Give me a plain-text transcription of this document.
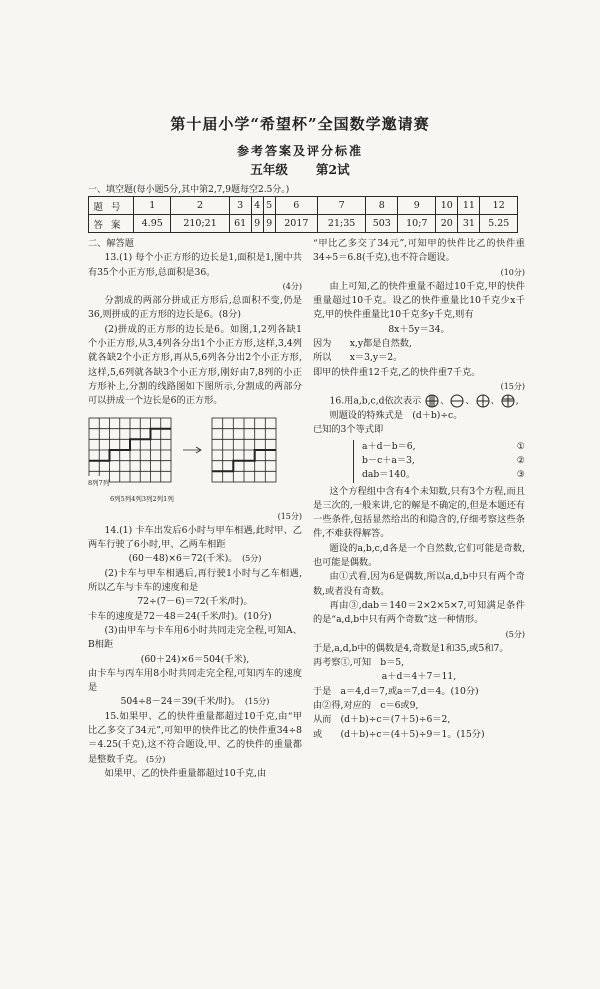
第十届小学“希望杯”全国数学邀请赛
参考答案及评分标准
五年级 第2试
一、填空题(每小题5分,其中第2,7,9题每空2.5分。)
题号	1	2	3	4	5	6	7	8	9	10	11	12
答案	4.95	210;21	61	9	9	2017	21;35	503	10;7	20	31	5.25

二、解答题

13.(1) 每个小正方形的边长是1,面积是1,图中共有35个小正方形,总面积是36。

(4分)

分割成的两部分拼成正方形后,总面积不变,仍是36,则拼成的正方形的边长是6。(8分)

(2)拼成的正方形的边长是6。如图,1,2列各缺1个小正方形,从3,4列各分出1个小正方形,这样,3,4列就各缺2个小正方形,再从5,6列各分出2个小正方形,这样,5,6列就各缺3个小正方形,刚好由7,8列的小正方形补上,分割的线路图如下图所示,分割成的两部分可以拼成一个边长是6的正方形。

8列7列
6列5列4列3列2列1列

(15分)

14.(1) 卡车出发后6小时与甲车相遇,此时甲、乙两车行驶了6小时,甲、乙两车相距

(60－48)×6＝72(千米)。　 (5分)

(2)卡车与甲车相遇后,再行驶1小时与乙车相遇,所以乙车与卡车的速度和是

72÷(7－6)＝72(千米/时)。

卡车的速度是72－48＝24(千米/时)。(10分)

(3)由甲车与卡车用6小时共同走完全程,可知A、B相距

(60＋24)×6＝504(千米),

由卡车与丙车用8小时共同走完全程,可知丙车的速度是

504÷8－24＝39(千米/时)。　 (15分)

15.如果甲、乙的快件重量都超过10千克,由“甲比乙多交了34元”,可知甲的快件比乙的快件重34÷8＝4.25(千克),这不符合题设,甲、乙的快件的重量都是整数千克。 (5分)

如果甲、乙的快件重量都超过10千克,由

“甲比乙多交了34元”,可知甲的快件比乙的快件重34÷5＝6.8(千克),也不符合题设。

(10分)

由上可知,乙的快件重量不超过10千克,甲的快件重量超过10千克。设乙的快件重量比10千克少x千克,甲的快件重量比10千克多y千克,则有

8x＋5y＝34。

因为　　x,y都是自然数,

所以　　x＝3,y＝2。

即甲的快件重12千克,乙的快件重7千克。

(15分)

16.用a,b,c,d依次表示 、 、 、 ,

则题设的特殊式是　(d＋b)÷c。

已知的3个等式即

a＋d－b＝6,	①
b－c＋a＝3,	②
dab＝140。	③

这个方程组中含有4个未知数,只有3个方程,而且是三次的,一般来讲,它的解是不确定的,但是本题还有一些条件,包括显然给出的和隐含的,仔细考察这些条件,不难获得解答。

题设的a,b,c,d各是一个自然数,它们可能是奇数,也可能是偶数。

由①式看,因为6是偶数,所以a,d,b中只有两个奇数,或者没有奇数。

再由③,dab＝140＝2×2×5×7,可知满足条件的是“a,d,b中只有两个奇数”这一种情形。

(5分)

于是,a,d,b中的偶数是4,奇数是1和35,或5和7。

再考察①,可知　b＝5,

a＋d＝4＋7＝11,

于是　a＝4,d＝7,或a＝7,d＝4。(10分)

由②得,对应的　c＝6或9,

从而　(d＋b)÷c＝(7＋5)÷6＝2,

或　　(d＋b)÷c＝(4＋5)÷9＝1。(15分)
